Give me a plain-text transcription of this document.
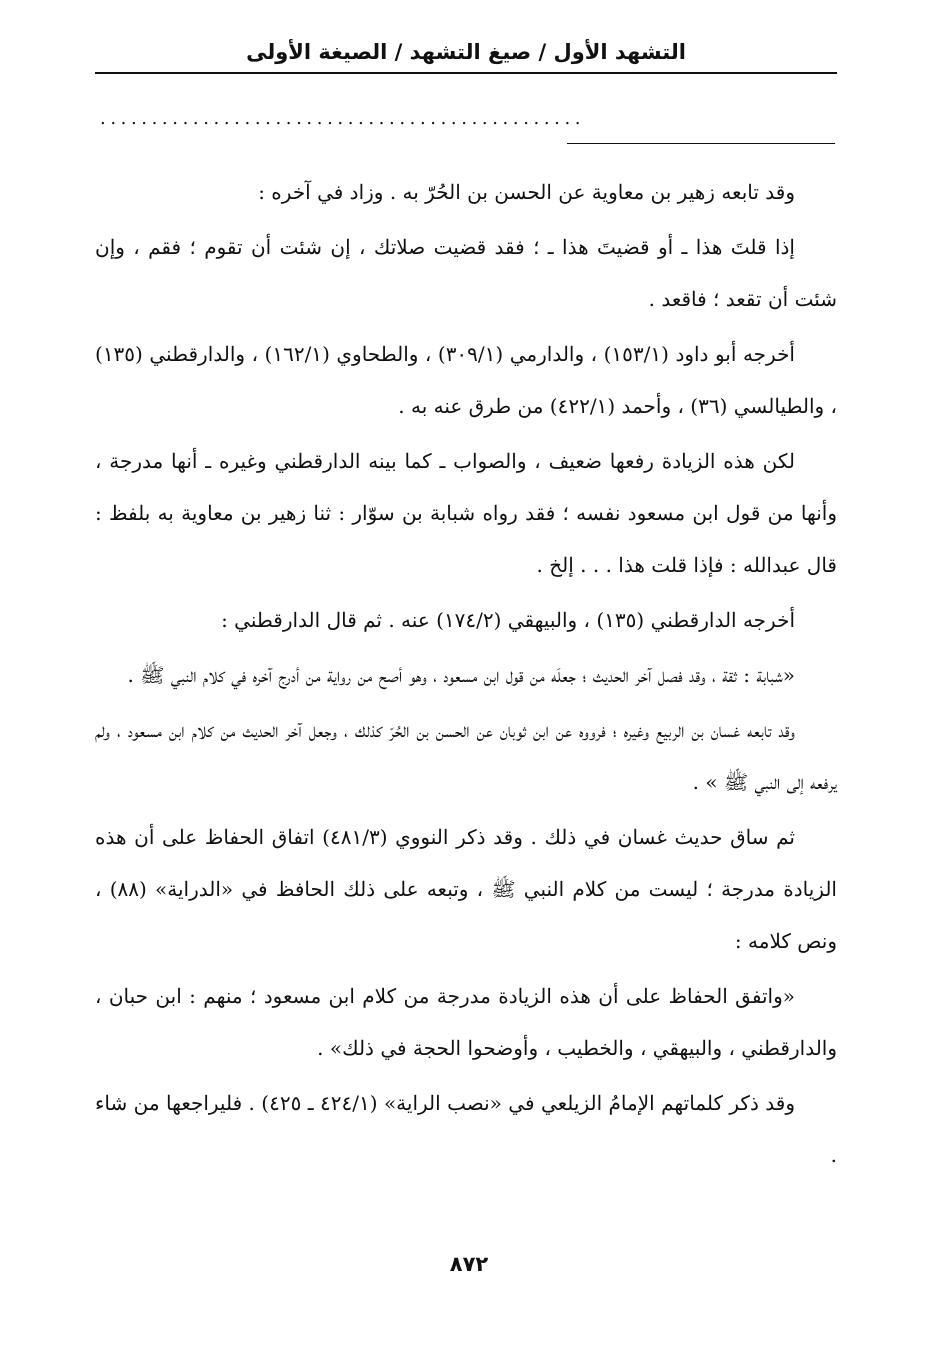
التشهد الأول / صيغ التشهد / الصيغة الأولى
...............................................

وقد تابعه زهير بن معاوية عن الحسن بن الحُرّ به . وزاد في آخره :

إذا قلتَ هذا ـ أو قضيتَ هذا ـ ؛ فقد قضيت صلاتك ، إن شئت أن تقوم ؛ فقم ، وإن شئت أن تقعد ؛ فاقعد .

أخرجه أبو داود (١٥٣/١) ، والدارمي (٣٠٩/١) ، والطحاوي (١٦٢/١) ، والدارقطني (١٣٥) ، والطيالسي (٣٦) ، وأحمد (٤٢٢/١) من طرق عنه به .

لكن هذه الزيادة رفعها ضعيف ، والصواب ـ كما بينه الدارقطني وغيره ـ أنها مدرجة ، وأنها من قول ابن مسعود نفسه ؛ فقد رواه شبابة بن سوّار : ثنا زهير بن معاوية به بلفظ : قال عبدالله : فإذا قلت هذا . . . إلخ .

أخرجه الدارقطني (١٣٥) ، والبيهقي (١٧٤/٢) عنه . ثم قال الدارقطني :

«شبابة : ثقة ، وقد فصل آخر الحديث ؛ جعلَه من قول ابن مسعود ، وهو أصح من رواية من أدرج آخره في كلام النبي ﷺ .

وقد تابعه غسان بن الربيع وغيره ؛ فرووه عن ابن ثوبان عن الحسن بن الحُرّ كذلك ، وجعل آخر الحديث من كلام ابن مسعود ، ولم يرفعه إلى النبي ﷺ » .

ثم ساق حديث غسان في ذلك . وقد ذكر النووي (٤٨١/٣) اتفاق الحفاظ على أن هذه الزيادة مدرجة ؛ ليست من كلام النبي ﷺ ، وتبعه على ذلك الحافظ في «الدراية» (٨٨) ، ونص كلامه :

«واتفق الحفاظ على أن هذه الزيادة مدرجة من كلام ابن مسعود ؛ منهم : ابن حبان ، والدارقطني ، والبيهقي ، والخطيب ، وأوضحوا الحجة في ذلك» .

وقد ذكر كلماتهم الإمامُ الزيلعي في «نصب الراية» (٤٢٤/١ ـ ٤٢٥) . فليراجعها من شاء .

٨٧٢
